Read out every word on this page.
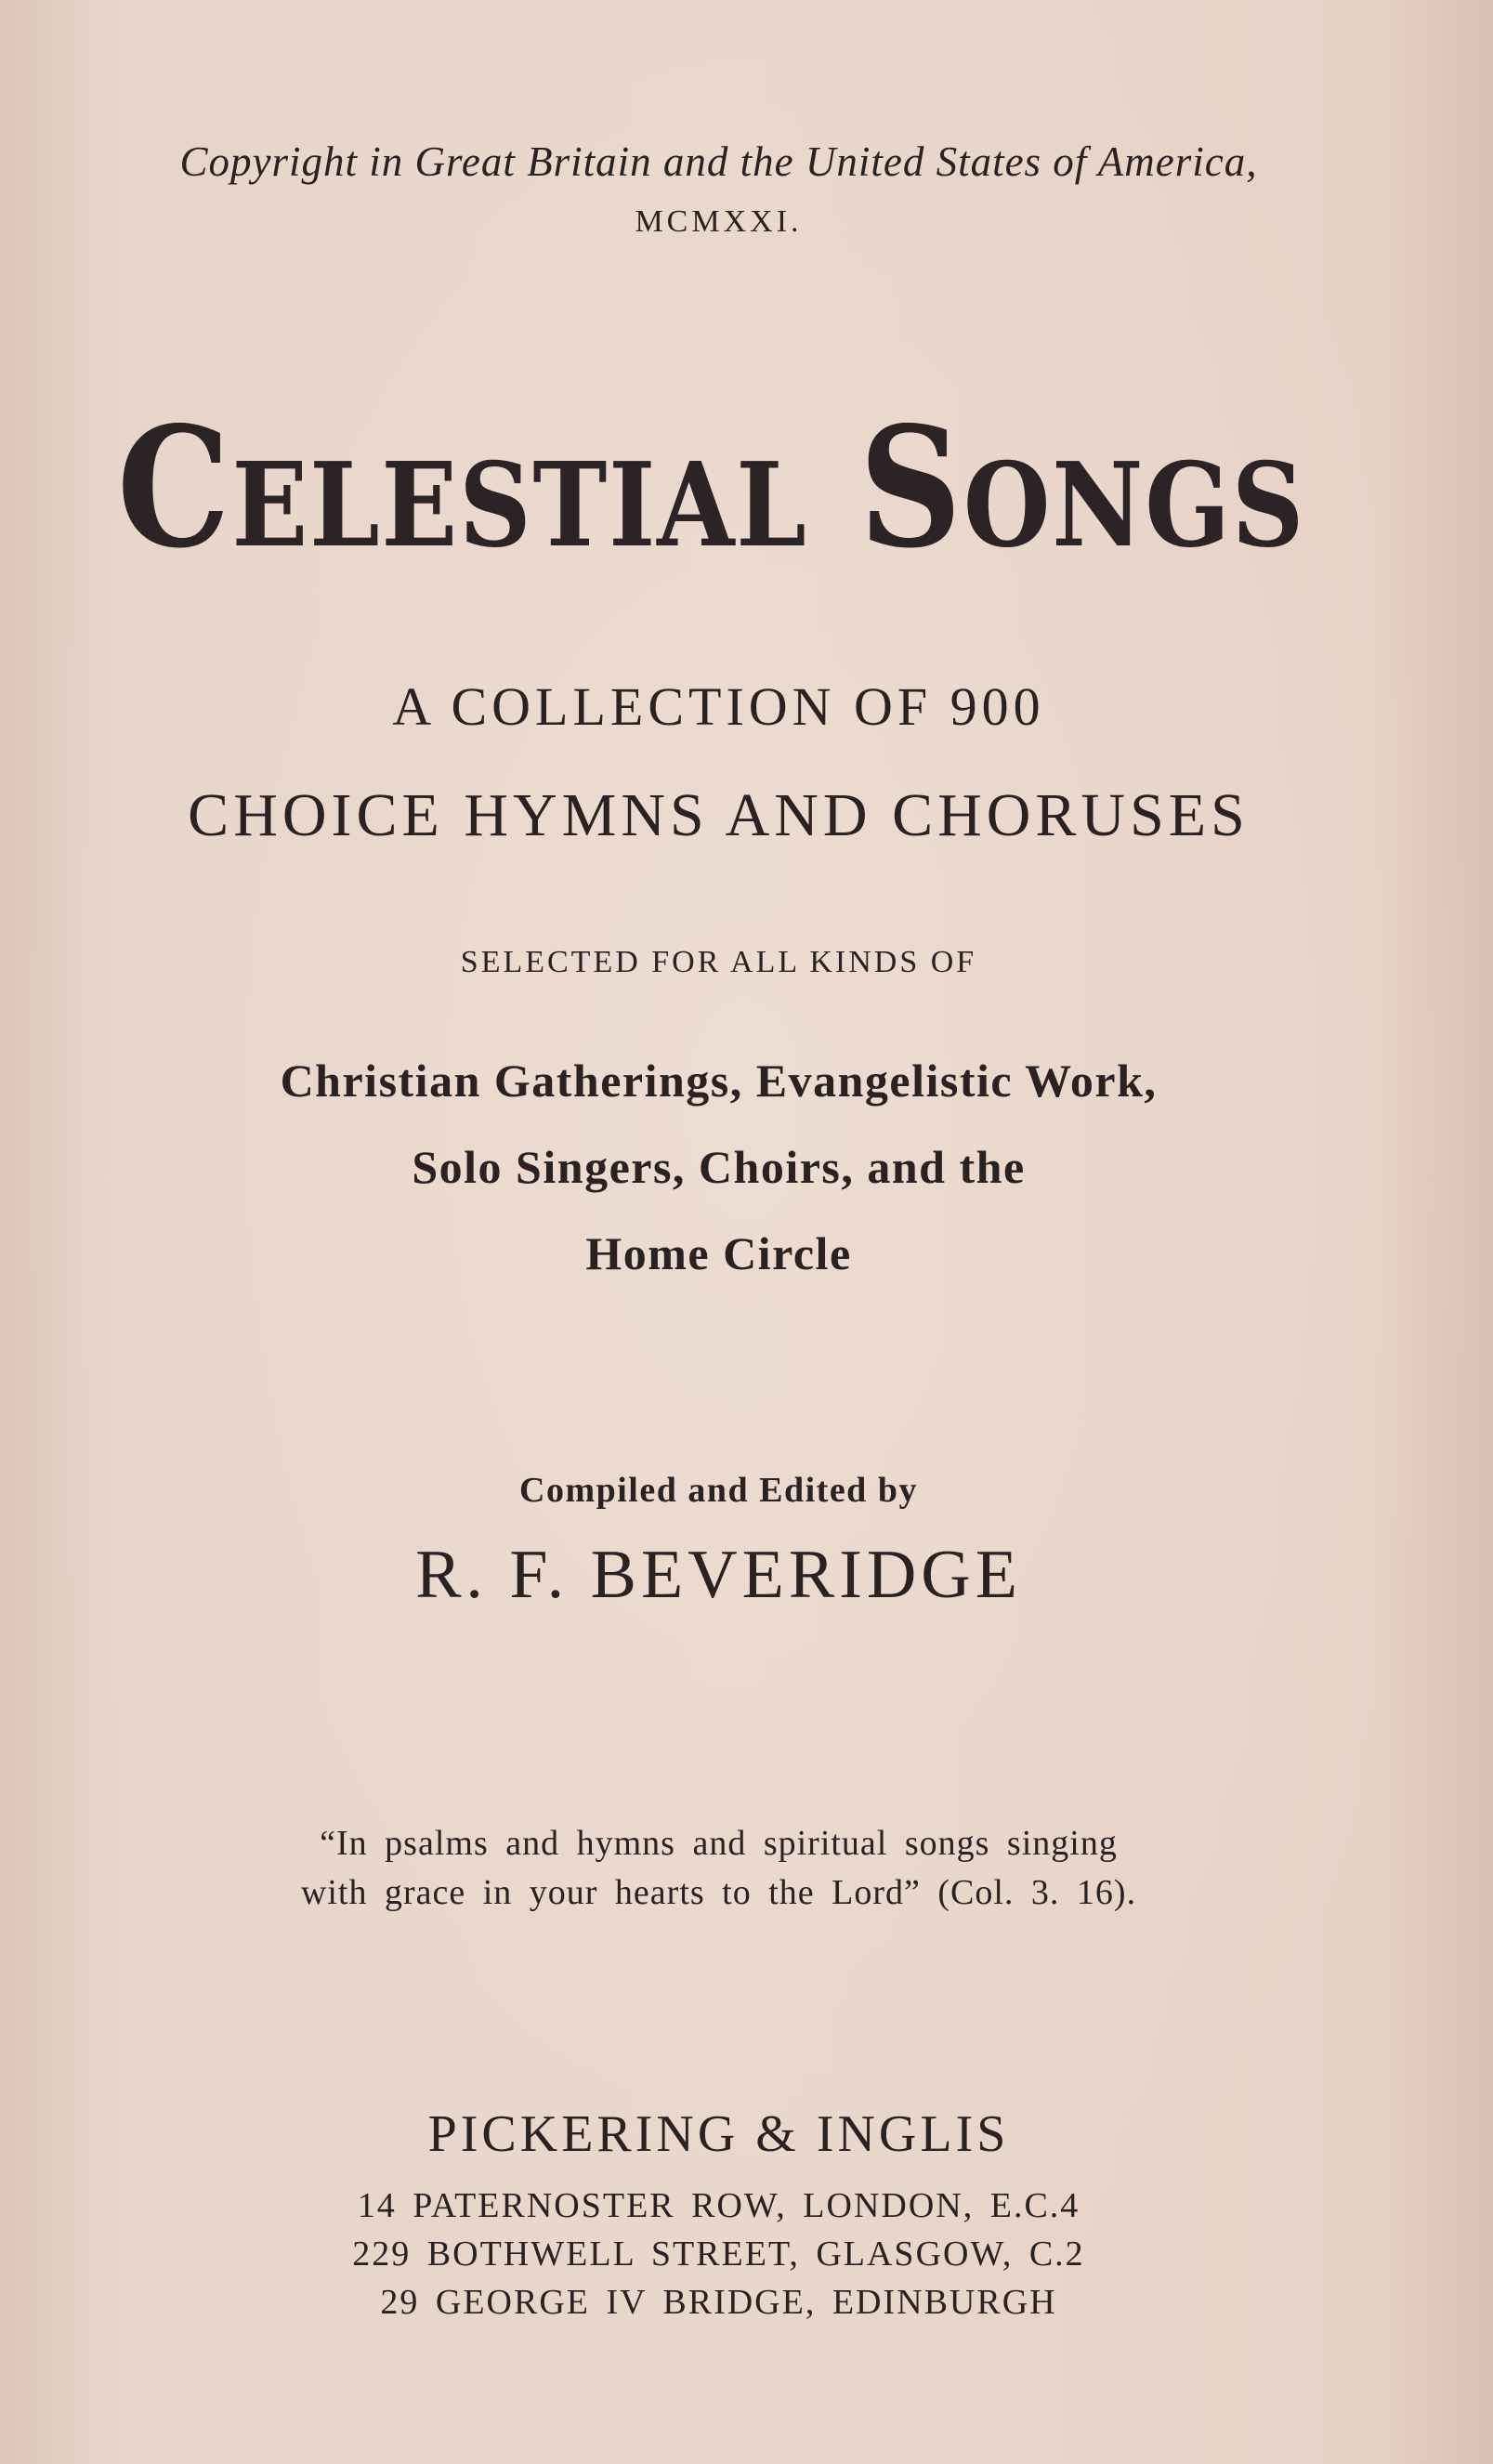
Copyright in Great Britain and the United States of America,
MCMXXI.
Celestial Songs
A COLLECTION OF 900
CHOICE HYMNS AND CHORUSES
SELECTED FOR ALL KINDS OF
Christian Gatherings, Evangelistic Work,
Solo Singers, Choirs, and the
Home Circle
Compiled and Edited by
R. F. BEVERIDGE
“In psalms and hymns and spiritual songs singing
with grace in your hearts to the Lord” (Col. 3. 16).
PICKERING & INGLIS
14 PATERNOSTER ROW, LONDON, E.C.4
229 BOTHWELL STREET, GLASGOW, C.2
29 GEORGE IV BRIDGE, EDINBURGH
